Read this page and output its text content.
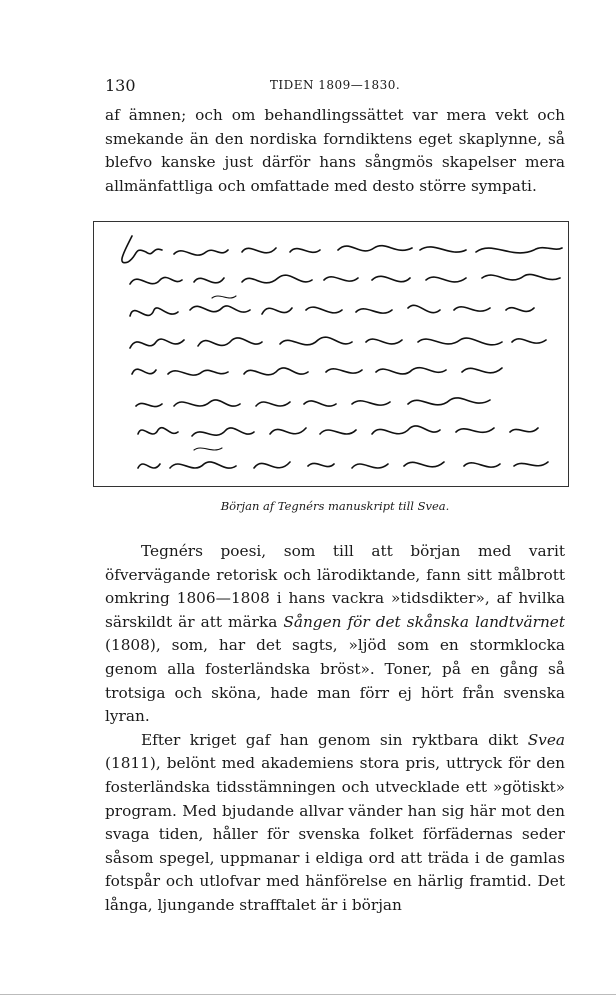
130	TIDEN 1809—1830.

af ämnen; och om behandlingssättet var mera vekt och smekande än den nordiska forndiktens eget skaplynne, så blefvo kanske just därför hans sångmös skapelser mera allmänfattliga och omfattade med desto större sympati.

Början af Tegnérs manuskript till Svea.

Tegnérs poesi, som till att början med varit öfvervägande retorisk och lärodiktande, fann sitt målbrott omkring 1806—1808 i hans vackra »tidsdikter», af hvilka särskildt är att märka Sången för det skånska landtvärnet (1808), som, har det sagts, »ljöd som en stormklocka genom alla fosterländska bröst». Toner, på en gång så trotsiga och sköna, hade man förr ej hört från svenska lyran.

Efter kriget gaf han genom sin ryktbara dikt Svea (1811), belönt med akademiens stora pris, uttryck för den fosterländska tidsstämningen och utvecklade ett »götiskt» program. Med bjudande allvar vänder han sig här mot den svaga tiden, håller för svenska folket förfädernas seder såsom spegel, uppmanar i eldiga ord att träda i de gamlas fotspår och utlofvar med hänförelse en härlig framtid. Det långa, ljungande strafftalet är i början
